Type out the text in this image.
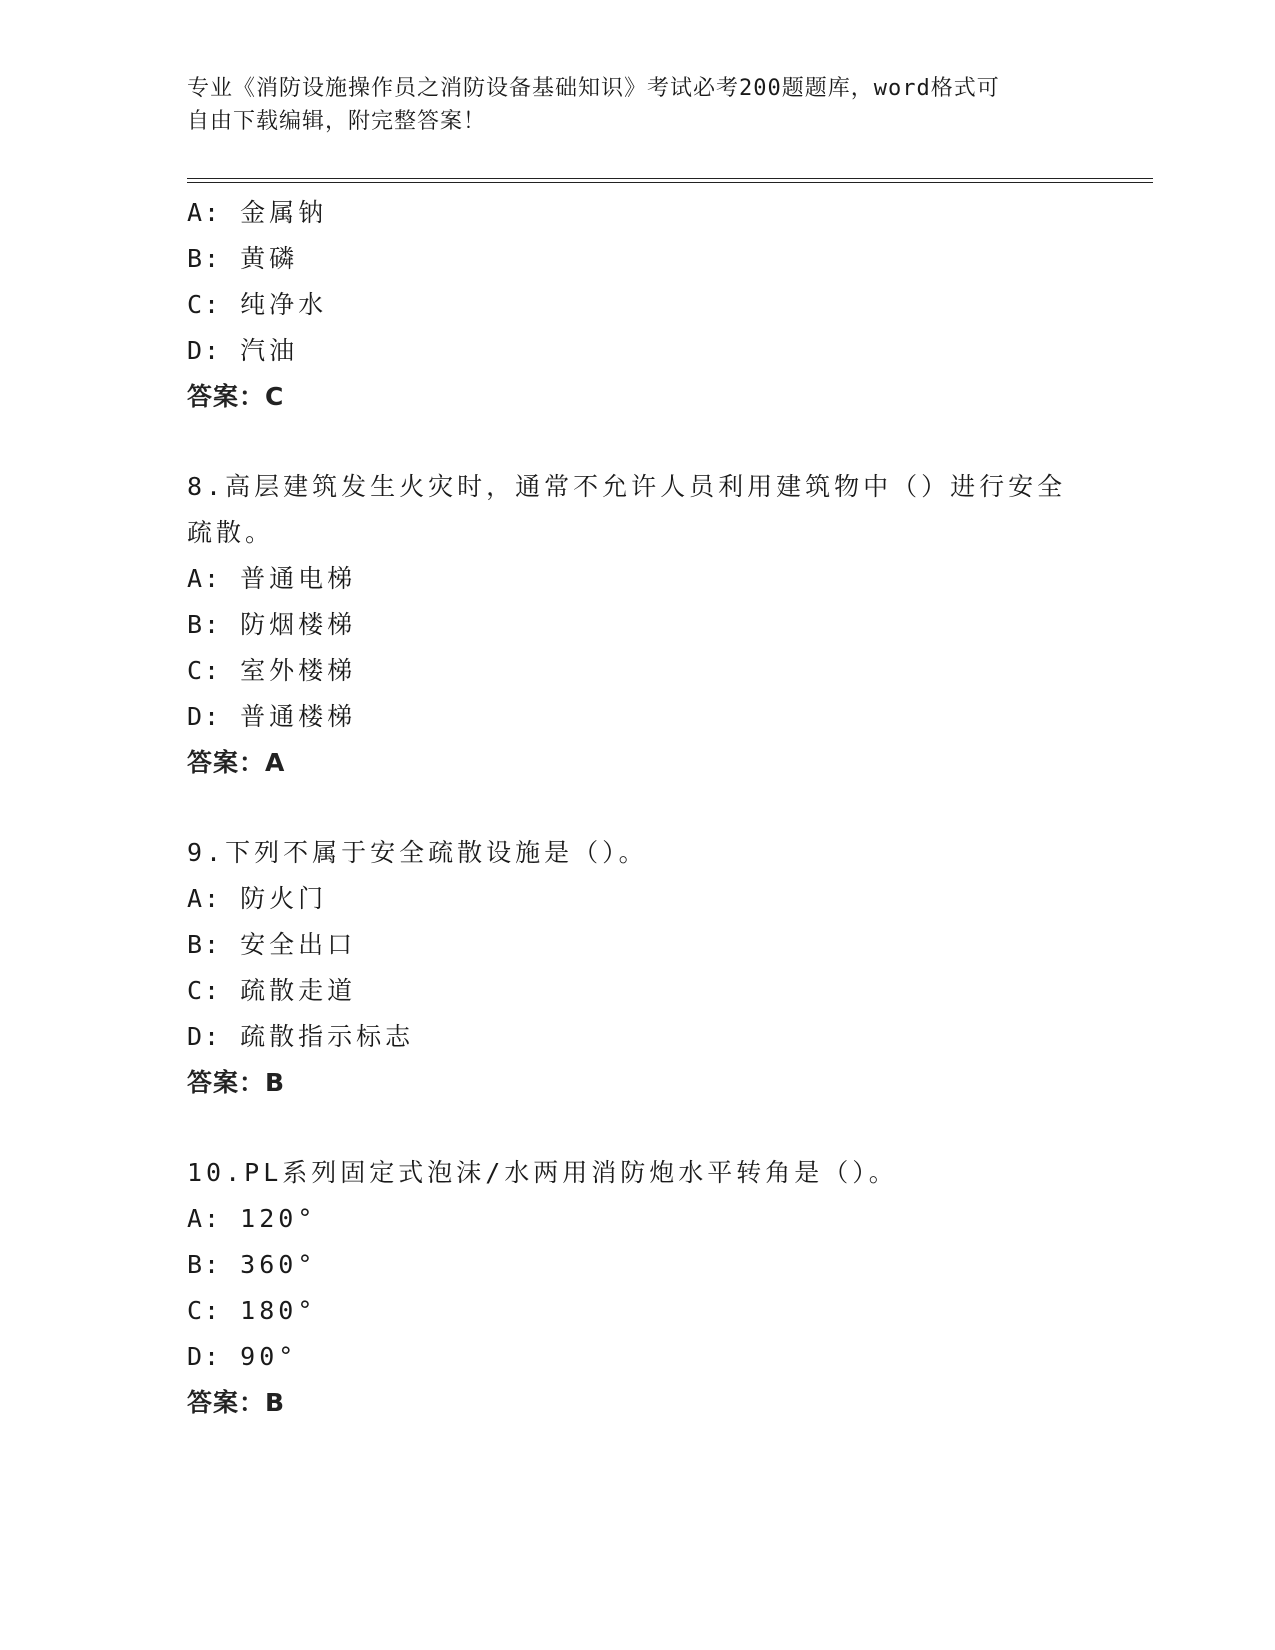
专业《消防设施操作员之消防设备基础知识》考试必考200题题库，word格式可
自由下载编辑，附完整答案！
A: 金属钠
B: 黄磷
C: 纯净水
D: 汽油
答案：C
8.高层建筑发生火灾时，通常不允许人员利用建筑物中（）进行安全
疏散。
A: 普通电梯
B: 防烟楼梯
C: 室外楼梯
D: 普通楼梯
答案：A
9.下列不属于安全疏散设施是（）。
A: 防火门
B: 安全出口
C: 疏散走道
D: 疏散指示标志
答案：B
10.PL系列固定式泡沫/水两用消防炮水平转角是（）。
A: 120°
B: 360°
C: 180°
D: 90°
答案：B
